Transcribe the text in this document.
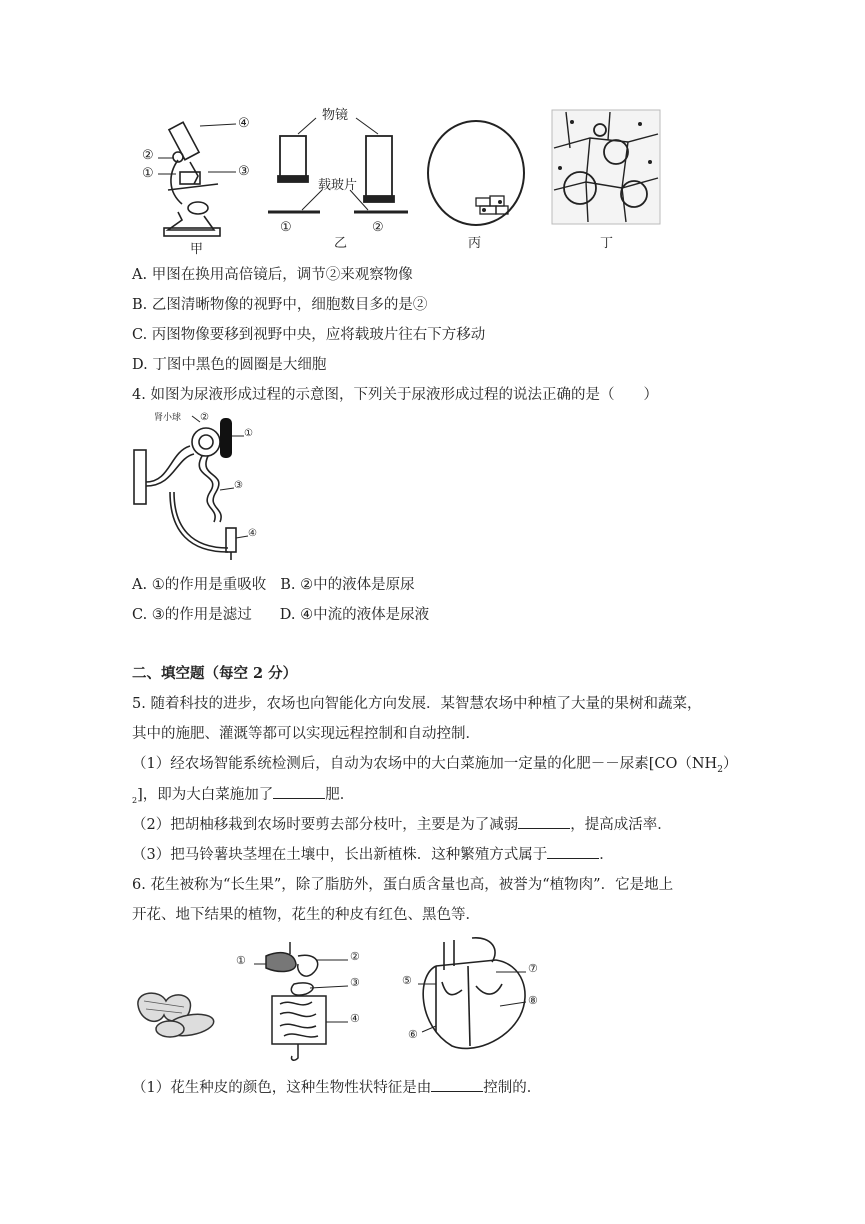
④
②
①	③
甲
物镜
载玻片
①
乙
②
丙	丁
A. 甲图在换用高倍镜后，调节②来观察物像
B. 乙图清晰物像的视野中，细胞数目多的是②
C. 丙图物像要移到视野中央，应将载玻片往右下方移动
D. 丁图中黑色的圆圈是大细胞
4. 如图为尿液形成过程的示意图，下列关于尿液形成过程的说法正确的是（　　）
肾小球 ②
①
③
④
A. ①的作用是重吸收 B. ②中的液体是原尿
C. ③的作用是滤过 D. ④中流的液体是尿液
二、填空题（每空 2 分）
5. 随着科技的进步，农场也向智能化方向发展．某智慧农场中种植了大量的果树和蔬菜，
其中的施肥、灌溉等都可以实现远程控制和自动控制．
（1）经农场智能系统检测后，自动为农场中的大白菜施加一定量的化肥－－尿素[$CO(NH_2)$
$_2$]，即为大白菜施加了	肥．
（2）把胡柚移栽到农场时要剪去部分枝叶，主要是为了减弱	，提高成活率．
（3）把马铃薯块茎埋在土壤中，长出新植株．这种繁殖方式属于	．
6. 花生被称为“长生果”，除了脂肪外，蛋白质含量也高，被誉为“植物肉”．它是地上
开花、地下结果的植物，花生的种皮有红色、黑色等．
①	②
③
④
⑤
⑦
⑧
⑥
（1）花生种皮的颜色，这种生物性状特征是由	控制的．
